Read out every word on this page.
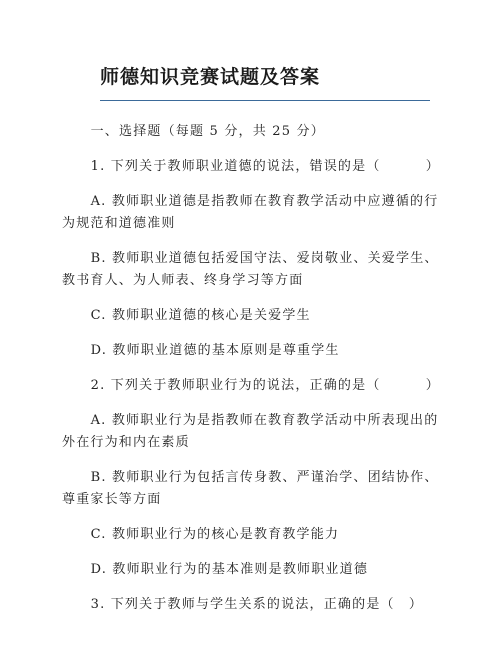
师德知识竞赛试题及答案

一、选择题（每题 5 分，共 25 分）

1. 下列关于教师职业道德的说法，错误的是（	）

A. 教师职业道德是指教师在教育教学活动中应遵循的行为规范和道德准则

B. 教师职业道德包括爱国守法、爱岗敬业、关爱学生、教书育人、为人师表、终身学习等方面

C. 教师职业道德的核心是关爱学生

D. 教师职业道德的基本原则是尊重学生

2. 下列关于教师职业行为的说法，正确的是（	）

A. 教师职业行为是指教师在教育教学活动中所表现出的外在行为和内在素质

B. 教师职业行为包括言传身教、严谨治学、团结协作、尊重家长等方面

C. 教师职业行为的核心是教育教学能力

D. 教师职业行为的基本准则是教师职业道德

3. 下列关于教师与学生关系的说法，正确的是（　）
